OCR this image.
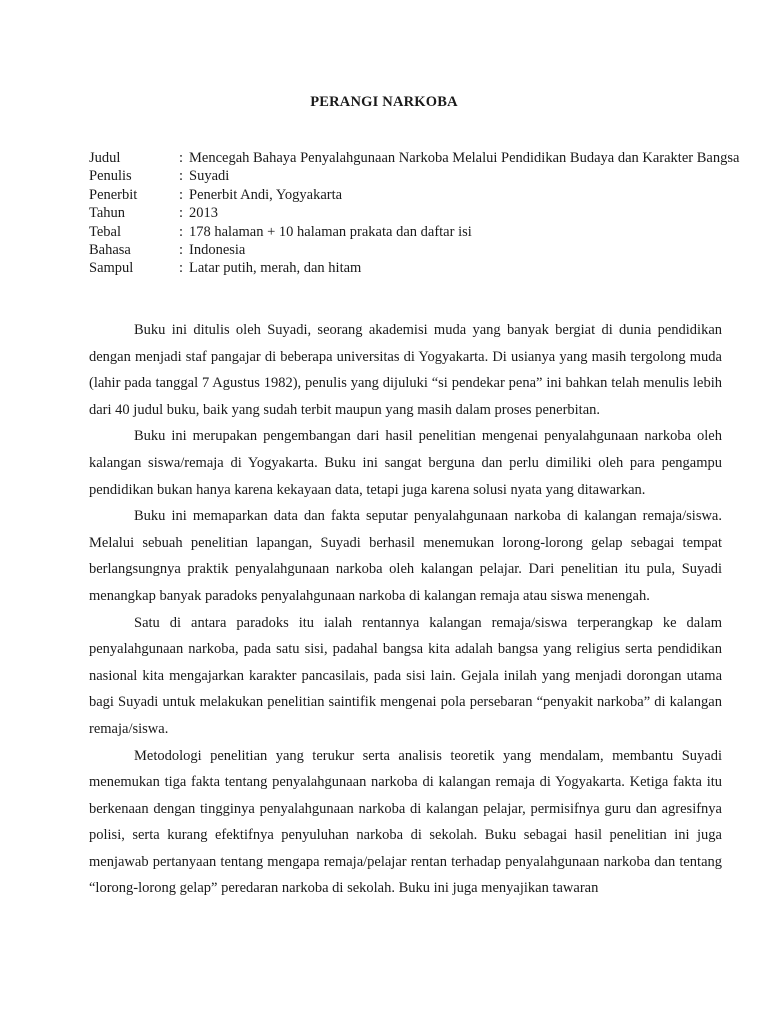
PERANGI NARKOBA
Judul	: Mencegah Bahaya Penyalahgunaan Narkoba Melalui Pendidikan Budaya dan Karakter Bangsa
Penulis	: Suyadi
Penerbit	: Penerbit Andi, Yogyakarta
Tahun	: 2013
Tebal	: 178 halaman + 10 halaman prakata dan daftar isi
Bahasa	: Indonesia
Sampul	: Latar putih, merah, dan hitam

Buku ini ditulis oleh Suyadi, seorang akademisi muda yang banyak bergiat di dunia pendidikan dengan menjadi staf pangajar di beberapa universitas di Yogyakarta. Di usianya yang masih tergolong muda (lahir pada tanggal 7 Agustus 1982), penulis yang dijuluki “si pendekar pena” ini bahkan telah menulis lebih dari 40 judul buku, baik yang sudah terbit maupun yang masih dalam proses penerbitan.

Buku ini merupakan pengembangan dari hasil penelitian mengenai penyalahgunaan narkoba oleh kalangan siswa/remaja di Yogyakarta. Buku ini sangat berguna dan perlu dimiliki oleh para pengampu pendidikan bukan hanya karena kekayaan data, tetapi juga karena solusi nyata yang ditawarkan.

Buku ini memaparkan data dan fakta seputar penyalahgunaan narkoba di kalangan remaja/siswa. Melalui sebuah penelitian lapangan, Suyadi berhasil menemukan lorong-lorong gelap sebagai tempat berlangsungnya praktik penyalahgunaan narkoba oleh kalangan pelajar. Dari penelitian itu pula, Suyadi menangkap banyak paradoks penyalahgunaan narkoba di kalangan remaja atau siswa menengah.

Satu di antara paradoks itu ialah rentannya kalangan remaja/siswa terperangkap ke dalam penyalahgunaan narkoba, pada satu sisi, padahal bangsa kita adalah bangsa yang religius serta pendidikan nasional kita mengajarkan karakter pancasilais, pada sisi lain. Gejala inilah yang menjadi dorongan utama bagi Suyadi untuk melakukan penelitian saintifik mengenai pola persebaran “penyakit narkoba” di kalangan remaja/siswa.

Metodologi penelitian yang terukur serta analisis teoretik yang mendalam, membantu Suyadi menemukan tiga fakta tentang penyalahgunaan narkoba di kalangan remaja di Yogyakarta. Ketiga fakta itu berkenaan dengan tingginya penyalahgunaan narkoba di kalangan pelajar, permisifnya guru dan agresifnya polisi, serta kurang efektifnya penyuluhan narkoba di sekolah. Buku sebagai hasil penelitian ini juga menjawab pertanyaan tentang mengapa remaja/pelajar rentan terhadap penyalahgunaan narkoba dan tentang “lorong-lorong gelap” peredaran narkoba di sekolah. Buku ini juga menyajikan tawaran
